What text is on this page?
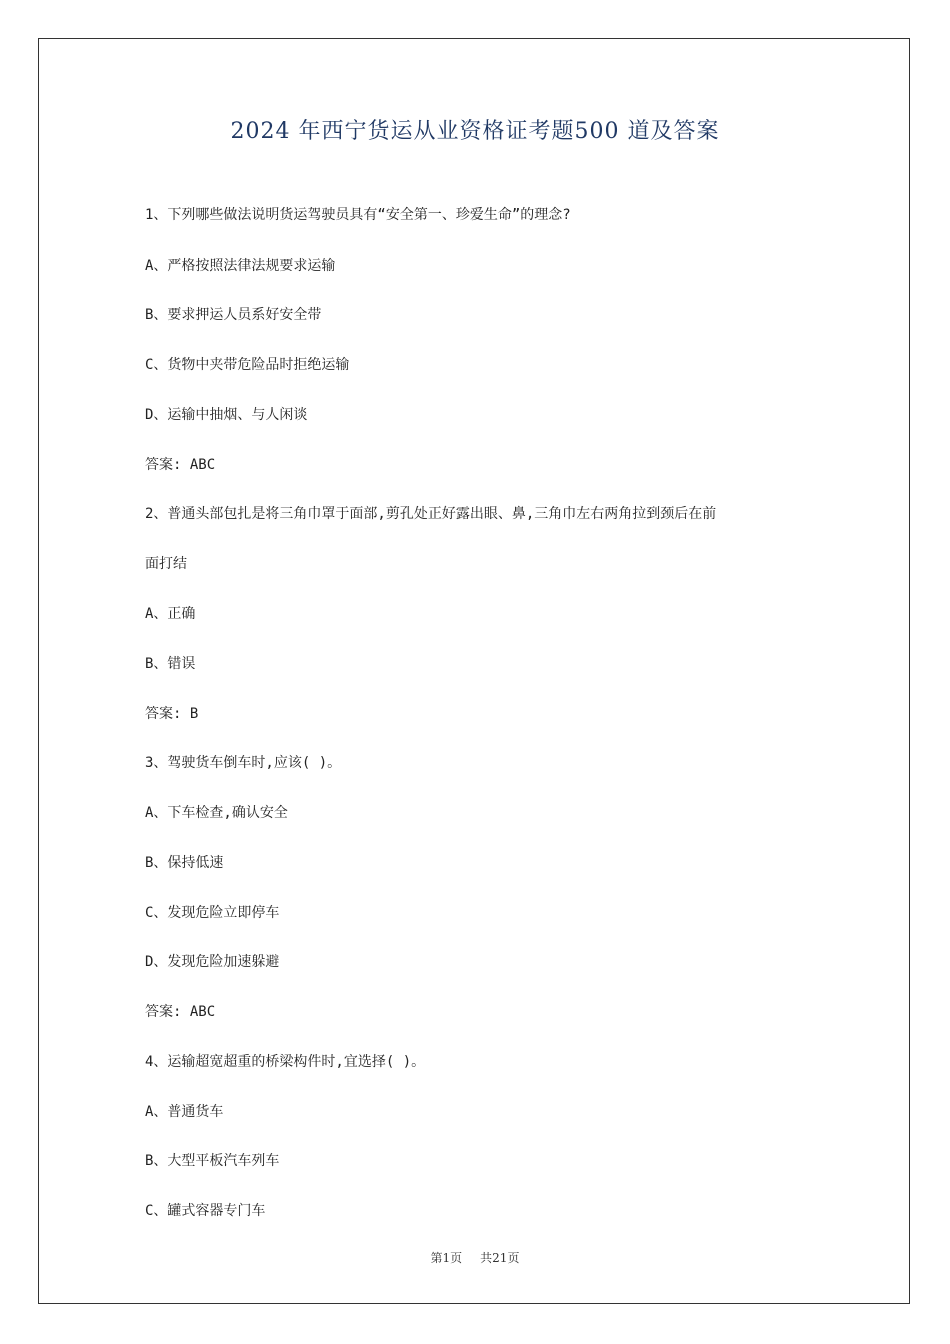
2024 年西宁货运从业资格证考题500 道及答案
1、下列哪些做法说明货运驾驶员具有“安全第一、珍爱生命”的理念?
A、严格按照法律法规要求运输
B、要求押运人员系好安全带
C、货物中夹带危险品时拒绝运输
D、运输中抽烟、与人闲谈
答案: ABC
2、普通头部包扎是将三角巾罩于面部,剪孔处正好露出眼、鼻,三角巾左右两角拉到颈后在前
面打结
A、正确
B、错误
答案: B
3、驾驶货车倒车时,应该( )。
A、下车检查,确认安全
B、保持低速
C、发现危险立即停车
D、发现危险加速躲避
答案: ABC
4、运输超宽超重的桥梁构件时,宜选择( )。
A、普通货车
B、大型平板汽车列车
C、罐式容器专门车
第1页 共21页
